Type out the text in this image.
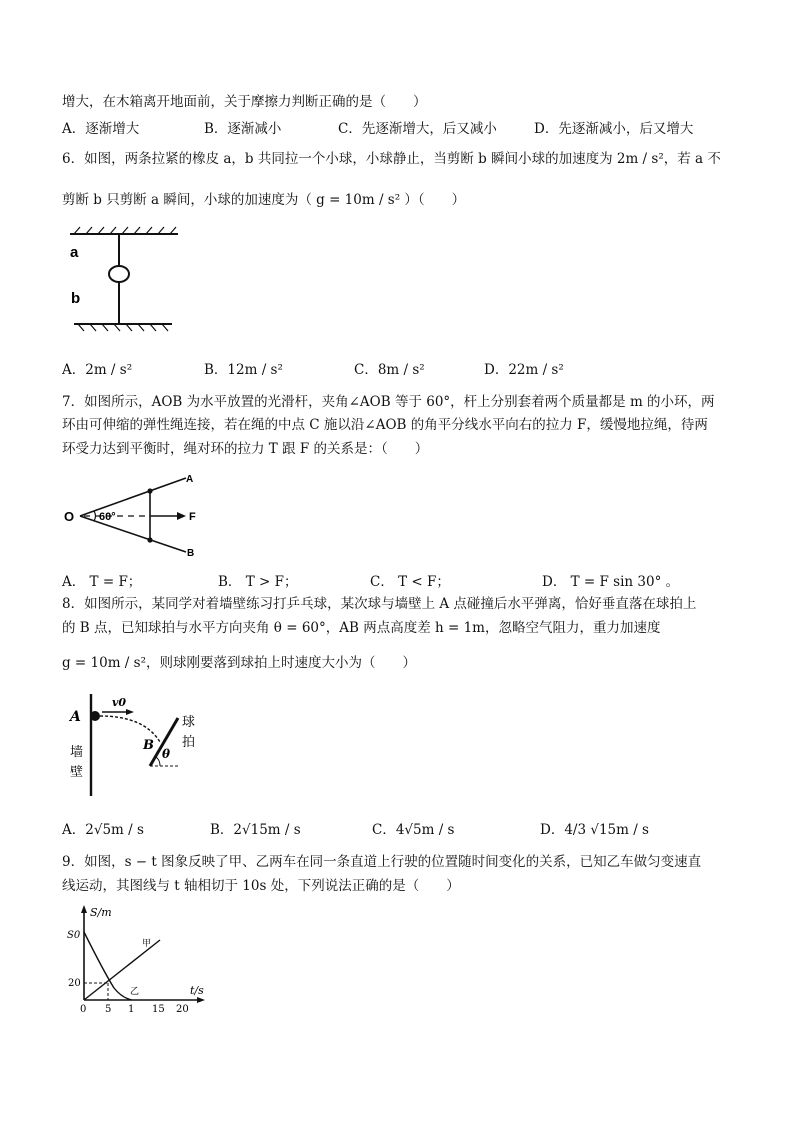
增大，在木箱离开地面前，关于摩擦力判断正确的是（　　）
A．逐渐增大	B．逐渐减小	C．先逐渐增大，后又减小	D．先逐渐减小，后又增大
6．如图，两条拉紧的橡皮 a，b 共同拉一个小球，小球静止，当剪断 b 瞬间小球的加速度为 2m / s²，若 a 不
剪断 b 只剪断 a 瞬间，小球的加速度为（ g = 10m / s² ）（　　）
a
b
A．2m / s²	B．12m / s²	C．8m / s²	D．22m / s²
7．如图所示，AOB 为水平放置的光滑杆，夹角∠AOB 等于 60°，杆上分别套着两个质量都是 m 的小环，两
环由可伸缩的弹性绳连接，若在绳的中点 C 施以沿∠AOB 的角平分线水平向右的拉力 F，缓慢地拉绳，待两
环受力达到平衡时，绳对环的拉力 T 跟 F 的关系是：（　　）
O 60°
A
B
F
A． T = F；	B． T > F；	C． T < F；	D． T = F sin 30° 。
8．如图所示，某同学对着墙壁练习打乒乓球，某次球与墙壁上 A 点碰撞后水平弹离，恰好垂直落在球拍上
的 B 点，已知球拍与水平方向夹角 θ = 60°，AB 两点高度差 h = 1m，忽略空气阻力，重力加速度
g = 10m / s²，则球刚要落到球拍上时速度大小为（　　）
A
v0
B
θ
墙
壁
球
拍
A．2√5m / s	B．2√15m / s	C．4√5m / s	D．4/3 √15m / s
9．如图，s − t 图象反映了甲、乙两车在同一条直道上行驶的位置随时间变化的关系，已知乙车做匀变速直
线运动，其图线与 t 轴相切于 10s 处，下列说法正确的是（　　）
S/m
t/s
S0
20
0 5 1 15 20
甲
乙
